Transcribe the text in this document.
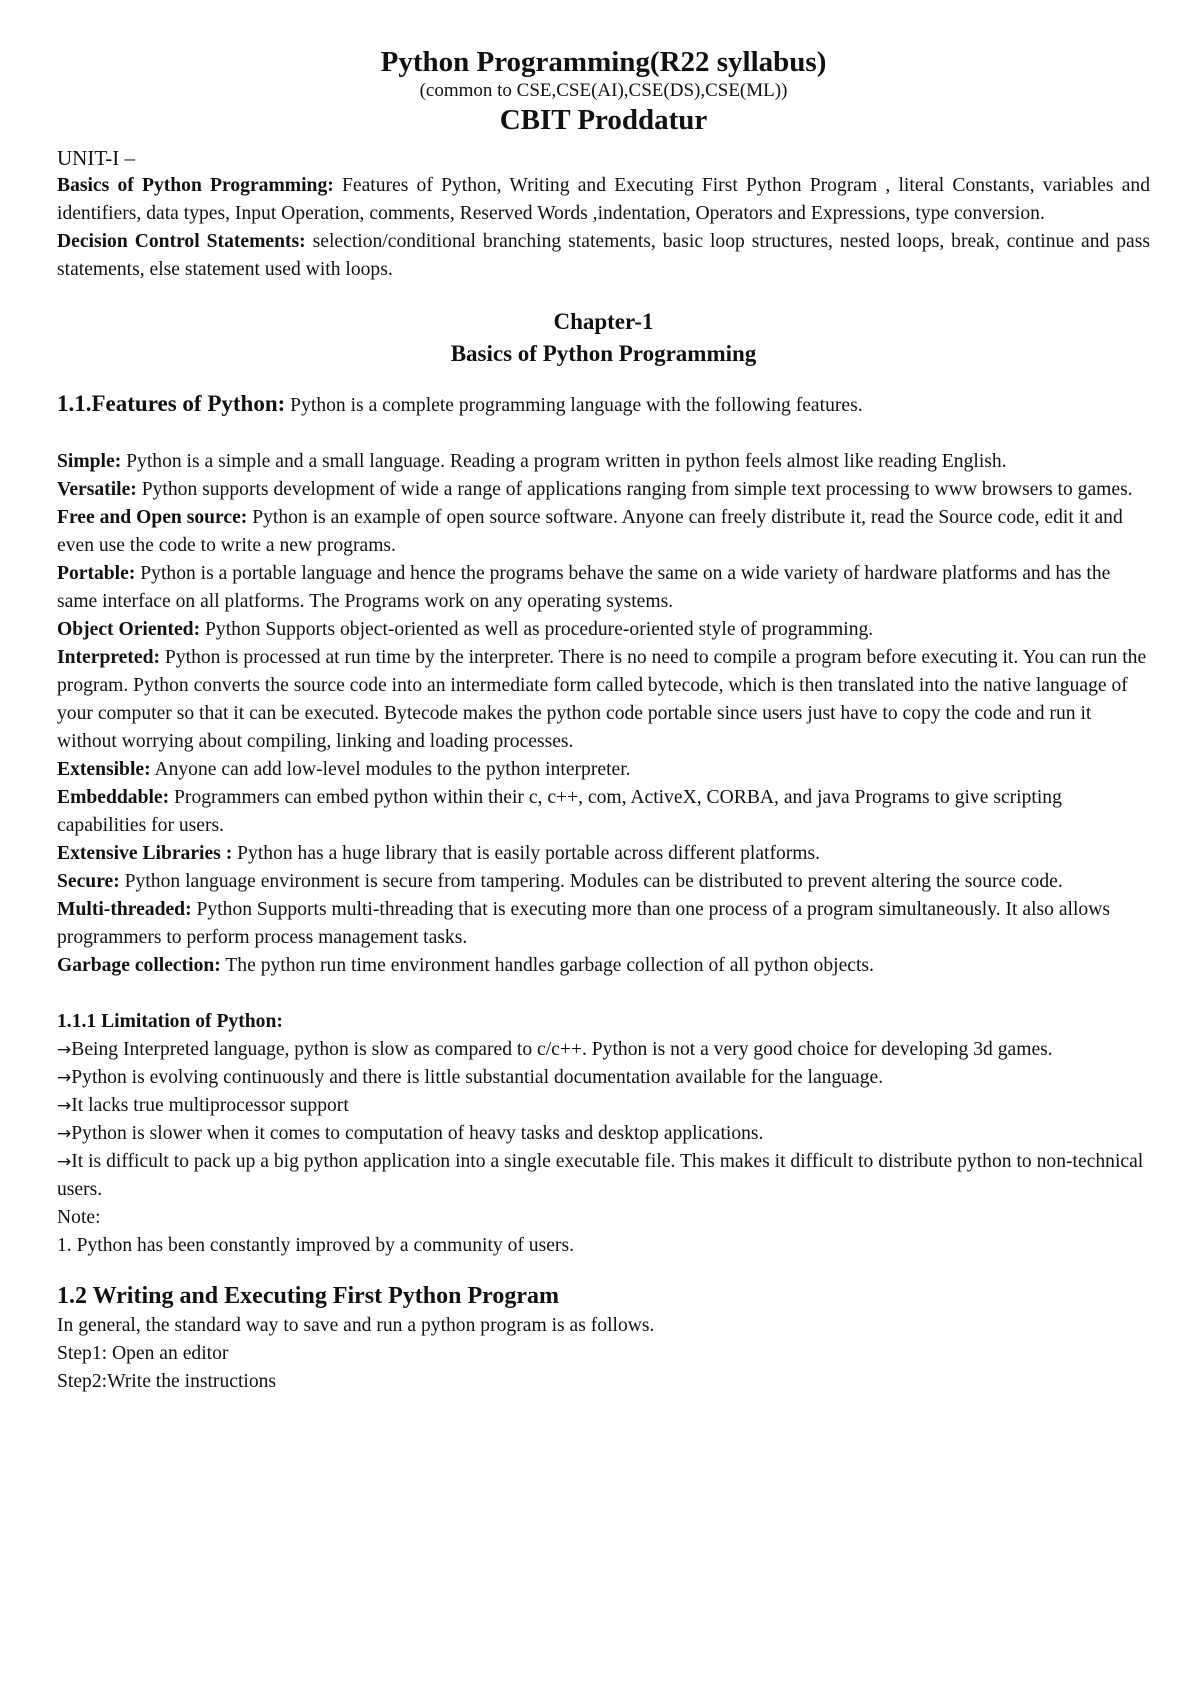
Python Programming(R22 syllabus)

(common to CSE,CSE(AI),CSE(DS),CSE(ML))

CBIT Proddatur

UNIT-I –

Basics of Python Programming: Features of Python, Writing and Executing First Python Program , literal Constants, variables and identifiers, data types, Input Operation, comments, Reserved Words ,indentation, Operators and Expressions, type conversion.

Decision Control Statements: selection/conditional branching statements, basic loop structures, nested loops, break, continue and pass statements, else statement used with loops.

Chapter-1
Basics of Python Programming

1.1.Features of Python: Python is a complete programming language with the following features.

Simple: Python is a simple and a small language. Reading a program written in python feels almost like reading English.

Versatile: Python supports development of wide a range of applications ranging from simple text processing to www browsers to games.

Free and Open source: Python is an example of open source software. Anyone can freely distribute it, read the Source code, edit it and even use the code to write a new programs.

Portable: Python is a portable language and hence the programs behave the same on a wide variety of hardware platforms and has the same interface on all platforms. The Programs work on any operating systems.

Object Oriented: Python Supports object-oriented as well as procedure-oriented style of programming.

Interpreted: Python is processed at run time by the interpreter. There is no need to compile a program before executing it. You can run the program. Python converts the source code into an intermediate form called bytecode, which is then translated into the native language of your computer so that it can be executed. Bytecode makes the python code portable since users just have to copy the code and run it without worrying about compiling, linking and loading processes.

Extensible: Anyone can add low-level modules to the python interpreter.

Embeddable: Programmers can embed python within their c, c++, com, ActiveX, CORBA, and java Programs to give scripting capabilities for users.

Extensive Libraries : Python has a huge library that is easily portable across different platforms.

Secure: Python language environment is secure from tampering. Modules can be distributed to prevent altering the source code.

Multi-threaded: Python Supports multi-threading that is executing more than one process of a program simultaneously. It also allows programmers to perform process management tasks.

Garbage collection: The python run time environment handles garbage collection of all python objects.

1.1.1 Limitation of Python:

→Being Interpreted language, python is slow as compared to c/c++. Python is not a very good choice for developing 3d games.

→Python is evolving continuously and there is little substantial documentation available for the language.

→It lacks true multiprocessor support

→Python is slower when it comes to computation of heavy tasks and desktop applications.

→It is difficult to pack up a big python application into a single executable file. This makes it difficult to distribute python to non-technical users.

Note:

1. Python has been constantly improved by a community of users.

1.2 Writing and Executing First Python Program

In general, the standard way to save and run a python program is as follows.

Step1: Open an editor

Step2:Write the instructions
